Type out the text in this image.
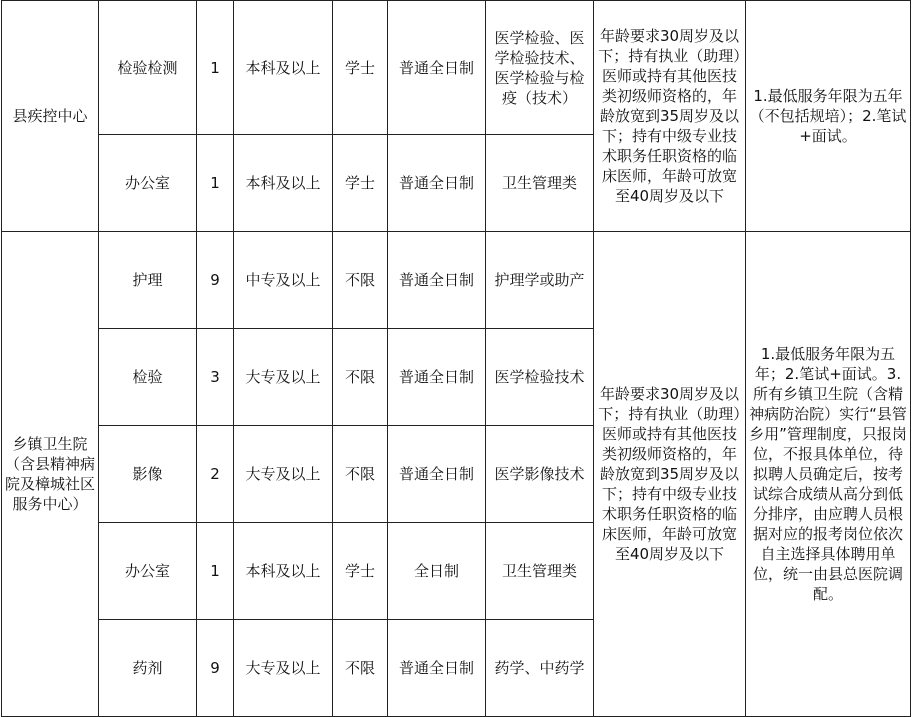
县疾控中心	检验检测	1	本科及以上	学士	普通全日制	医学检验、医学检验技术、医学检验与检疫（技术）	年龄要求30周岁及以下；持有执业（助理）医师或持有其他医技类初级师资格的，年龄放宽到35周岁及以下；持有中级专业技术职务任职资格的临床医师，年龄可放宽至40周岁及以下	1.最低服务年限为五年（不包括规培）；2.笔试+面试。
	办公室	1	本科及以上	学士	普通全日制	卫生管理类		
乡镇卫生院（含县精神病院及樟城社区服务中心）	护理	9	中专及以上	不限	普通全日制	护理学或助产	年龄要求30周岁及以下；持有执业（助理）医师或持有其他医技类初级师资格的，年龄放宽到35周岁及以下；持有中级专业技术职务任职资格的临床医师，年龄可放宽至40周岁及以下	1.最低服务年限为五年；2.笔试+面试。3.所有乡镇卫生院（含精神病防治院）实行“县管乡用”管理制度，只报岗位，不报具体单位，待拟聘人员确定后，按考试综合成绩从高分到低分排序，由应聘人员根据对应的报考岗位依次自主选择具体聘用单位，统一由县总医院调配。
	检验	3	大专及以上	不限	普通全日制	医学检验技术		
	影像	2	大专及以上	不限	普通全日制	医学影像技术		
	办公室	1	本科及以上	学士	全日制	卫生管理类		
	药剂	9	大专及以上	不限	普通全日制	药学、中药学		
